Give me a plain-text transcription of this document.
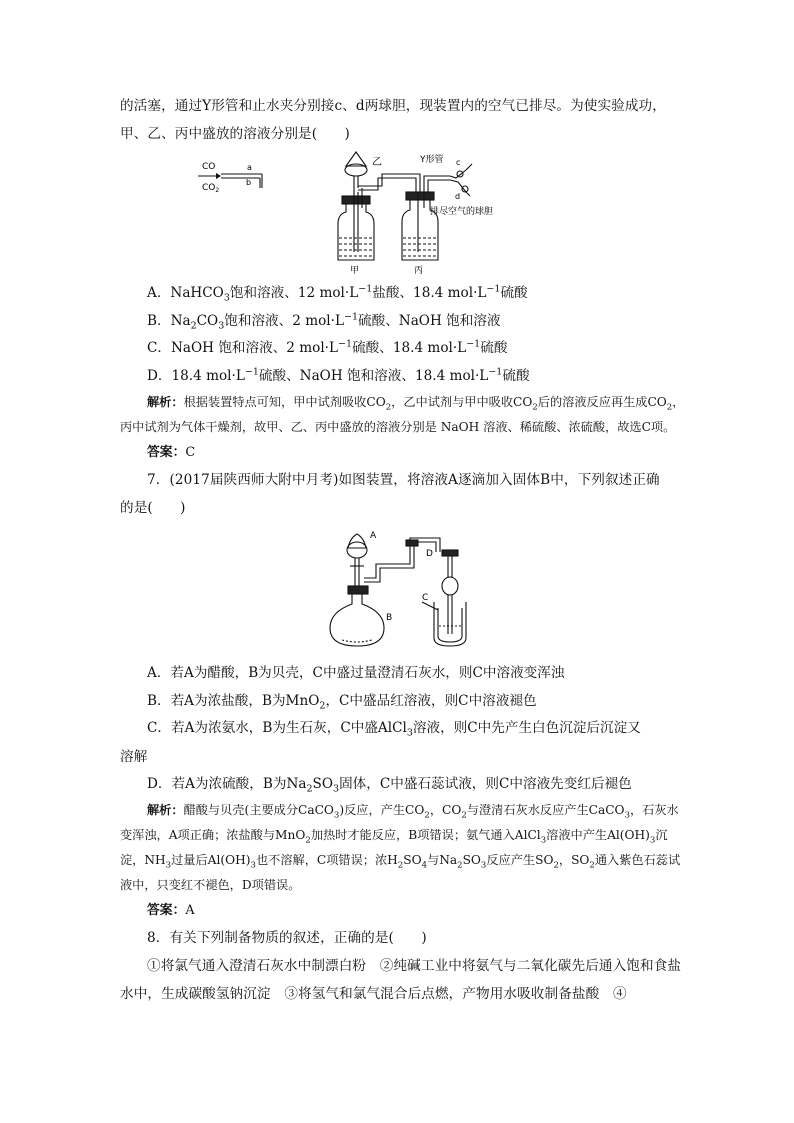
的活塞，通过Y形管和止水夹分别接c、d两球胆，现装置内的空气已排尽。为使实验成功，

甲、乙、丙中盛放的溶液分别是(　　)

CO
$CO_2$
a
b
乙	Y形管 c
d
排尽空气的球胆
甲	丙

A．NaHCO$_3$饱和溶液、12 $mol\cdot L^{-1}$盐酸、18.4 $mol\cdot L^{-1}$硫酸

B．$Na_2CO_3$饱和溶液、2 $mol\cdot L^{-1}$硫酸、NaOH 饱和溶液

C．NaOH 饱和溶液、2 $mol\cdot L^{-1}$硫酸、18.4 $mol\cdot L^{-1}$硫酸

D．18.4 $mol\cdot L^{-1}$硫酸、NaOH 饱和溶液、18.4 $mol\cdot L^{-1}$硫酸

解析：根据装置特点可知，甲中试剂吸收$CO_2$，乙中试剂与甲中吸收$CO_2$后的溶液反应再生成$CO_2$，丙中试剂为气体干燥剂，故甲、乙、丙中盛放的溶液分别是 NaOH 溶液、稀硫酸、浓硫酸，故选C项。

答案：C

7．(2017届陕西师大附中月考)如图装置，将溶液A逐滴加入固体B中，下列叙述正确

的是(　　)

A
B
C
D

A．若A为醋酸，B为贝壳，C中盛过量澄清石灰水，则C中溶液变浑浊

B．若A为浓盐酸，B为MnO$_2$，C中盛品红溶液，则C中溶液褪色

C．若A为浓氨水，B为生石灰，C中盛AlCl$_3$溶液，则C中先产生白色沉淀后沉淀又

溶解

D．若A为浓硫酸，B为$Na_2SO_3$固体，C中盛石蕊试液，则C中溶液先变红后褪色

解析：醋酸与贝壳(主要成分CaCO$_3$)反应，产生$CO_2$，$CO_2$与澄清石灰水反应产生CaCO$_3$，石灰水变浑浊，A项正确；浓盐酸与MnO$_2$加热时才能反应，B项错误；氨气通入AlCl$_3$溶液中产生$Al(OH)_3$沉淀，$NH_3$过量后$Al(OH)_3$也不溶解，C项错误；浓$H_2SO_4$与$Na_2SO_3$反应产生$SO_2$，$SO_2$通入紫色石蕊试液中，只变红不褪色，D项错误。

答案：A

8．有关下列制备物质的叙述，正确的是(　　)

①将氯气通入澄清石灰水中制漂白粉　②纯碱工业中将氨气与二氧化碳先后通入饱和食盐水中，生成碳酸氢钠沉淀　③将氢气和氯气混合后点燃，产物用水吸收制备盐酸　④
